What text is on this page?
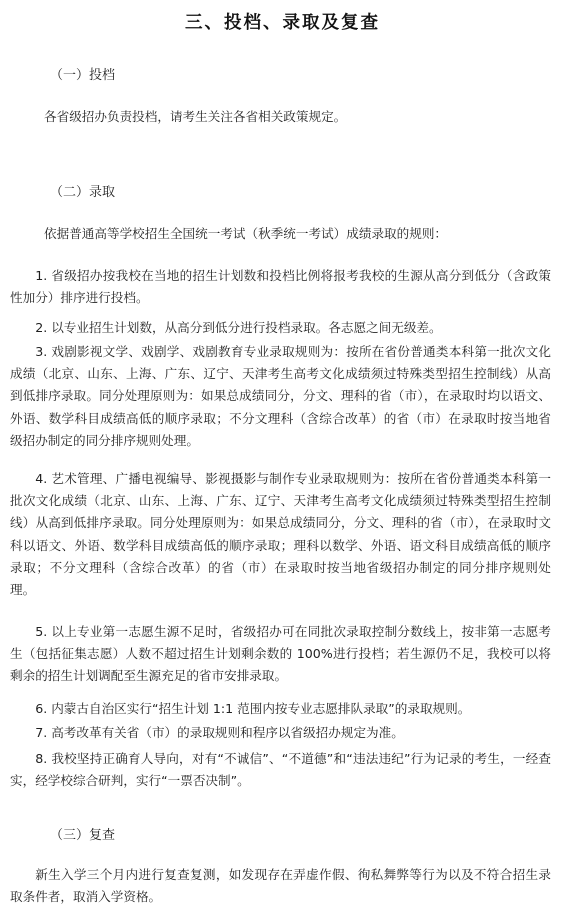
三、投档、录取及复查
（一）投档
各省级招办负责投档，请考生关注各省相关政策规定。
（二）录取
依据普通高等学校招生全国统一考试（秋季统一考试）成绩录取的规则：
1. 省级招办按我校在当地的招生计划数和投档比例将报考我校的生源从高分到低分（含政策性加分）排序进行投档。
2. 以专业招生计划数，从高分到低分进行投档录取。各志愿之间无级差。
3. 戏剧影视文学、戏剧学、戏剧教育专业录取规则为：按所在省份普通类本科第一批次文化成绩（北京、山东、上海、广东、辽宁、天津考生高考文化成绩须过特殊类型招生控制线）从高到低排序录取。同分处理原则为：如果总成绩同分，分文、理科的省（市），在录取时均以语文、外语、数学科目成绩高低的顺序录取；不分文理科（含综合改革）的省（市）在录取时按当地省级招办制定的同分排序规则处理。
4. 艺术管理、广播电视编导、影视摄影与制作专业录取规则为：按所在省份普通类本科第一批次文化成绩（北京、山东、上海、广东、辽宁、天津考生高考文化成绩须过特殊类型招生控制线）从高到低排序录取。同分处理原则为：如果总成绩同分，分文、理科的省（市），在录取时文科以语文、外语、数学科目成绩高低的顺序录取；理科以数学、外语、语文科目成绩高低的顺序录取；不分文理科（含综合改革）的省（市）在录取时按当地省级招办制定的同分排序规则处理。
5. 以上专业第一志愿生源不足时，省级招办可在同批次录取控制分数线上，按非第一志愿考生（包括征集志愿）人数不超过招生计划剩余数的 100%进行投档；若生源仍不足，我校可以将剩余的招生计划调配至生源充足的省市安排录取。
6. 内蒙古自治区实行“招生计划 1:1 范围内按专业志愿排队录取”的录取规则。
7. 高考改革有关省（市）的录取规则和程序以省级招办规定为准。
8. 我校坚持正确育人导向，对有“不诚信”、“不道德”和“违法违纪”行为记录的考生，一经查实，经学校综合研判，实行“一票否决制”。
（三）复查
新生入学三个月内进行复查复测，如发现存在弄虚作假、徇私舞弊等行为以及不符合招生录取条件者，取消入学资格。
